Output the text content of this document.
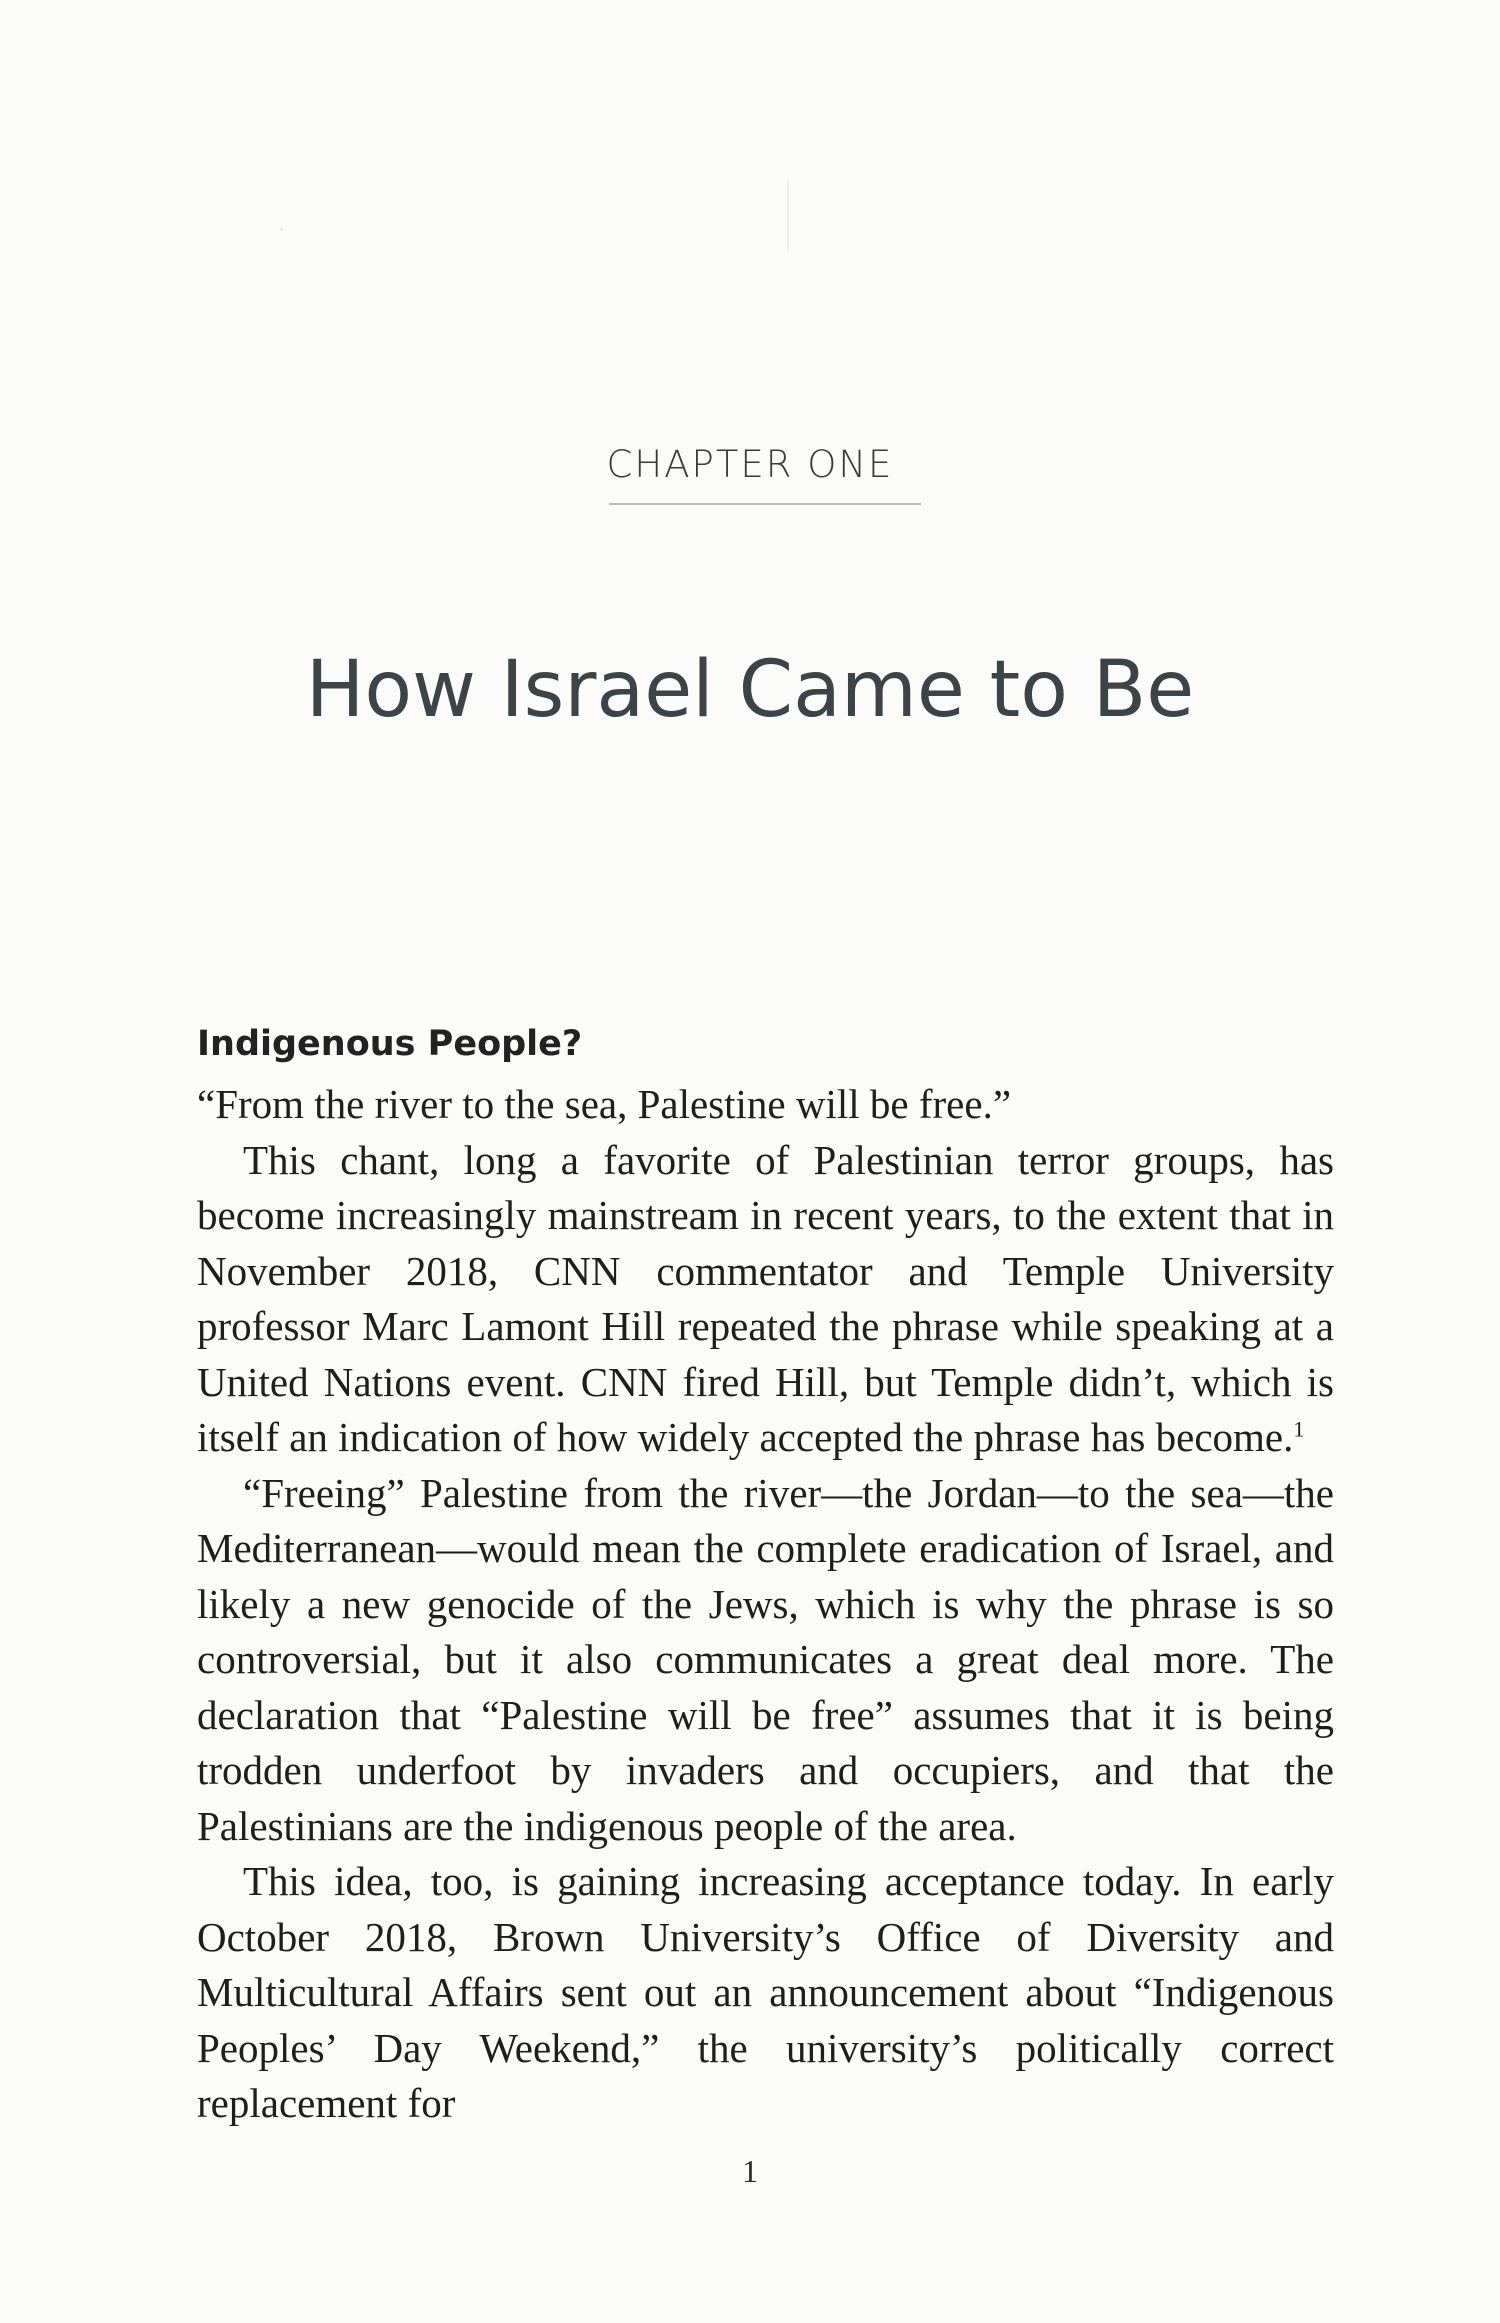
CHAPTER ONE
How Israel Came to Be
Indigenous People?

“From the river to the sea, Palestine will be free.”

This chant, long a favorite of Palestinian terror groups, has become increasingly mainstream in recent years, to the extent that in November 2018, CNN commentator and Temple University professor Marc Lamont Hill repeated the phrase while speaking at a United Nations event. CNN fired Hill, but Temple didn’t, which is itself an indication of how widely accepted the phrase has become.$^1$

“Freeing” Palestine from the river—the Jordan—to the sea—the Mediterranean—would mean the complete eradication of Israel, and likely a new genocide of the Jews, which is why the phrase is so controversial, but it also communicates a great deal more. The declaration that “Palestine will be free” assumes that it is being trodden underfoot by invaders and occupiers, and that the Palestinians are the indigenous people of the area.

This idea, too, is gaining increasing acceptance today. In early October 2018, Brown University’s Office of Diversity and Multicultural Affairs sent out an announcement about “Indigenous Peoples’ Day Weekend,” the university’s politically correct replacement for

1
